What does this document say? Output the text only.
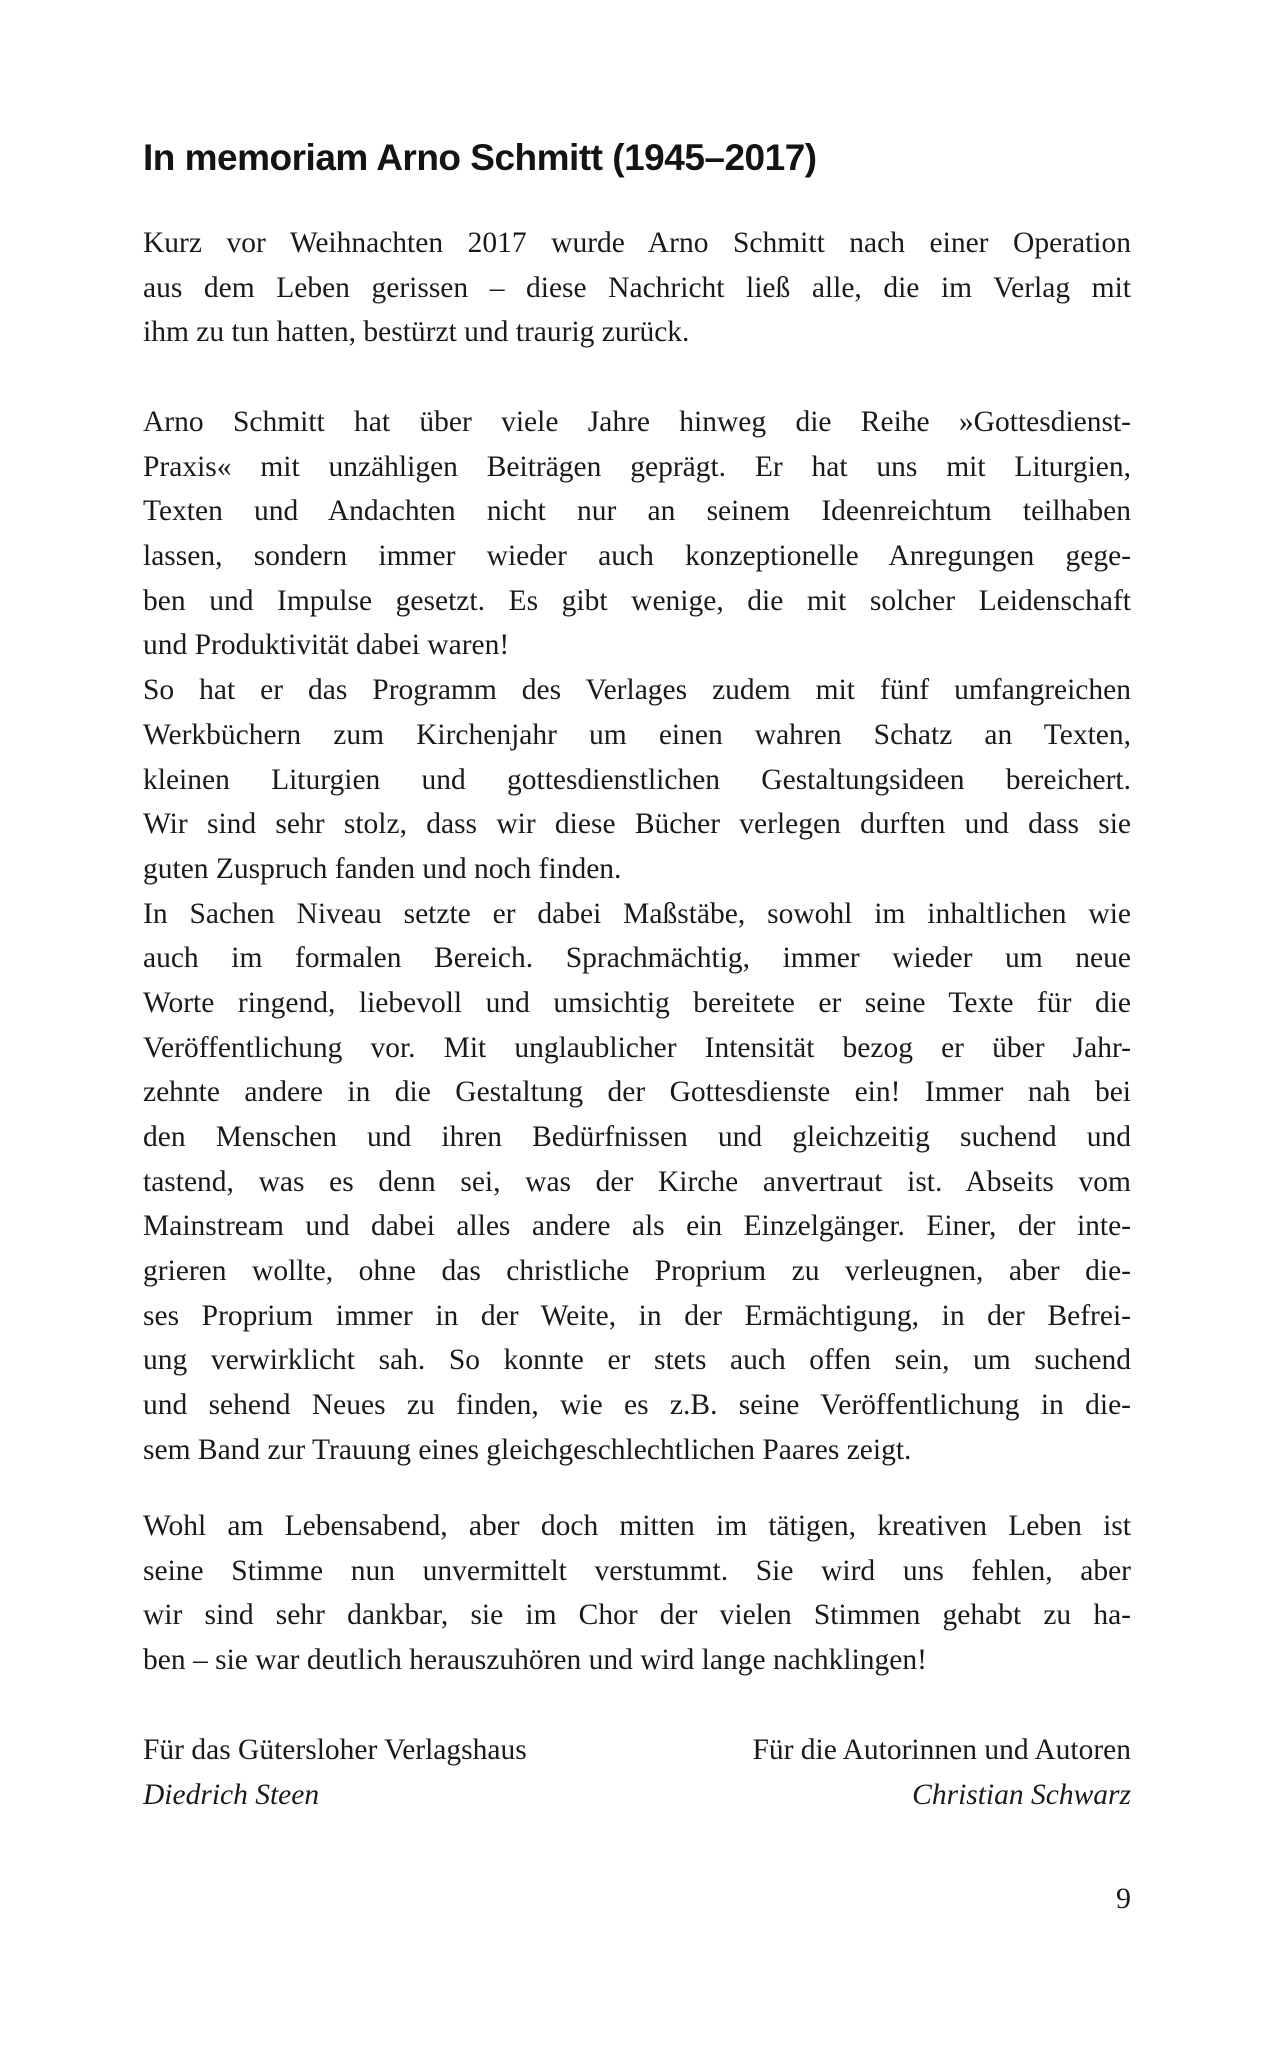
In memoriam Arno Schmitt (1945–2017)
Kurz vor Weihnachten 2017 wurde Arno Schmitt nach einer Operation
aus dem Leben gerissen – diese Nachricht ließ alle, die im Verlag mit
ihm zu tun hatten, bestürzt und traurig zurück.
Arno Schmitt hat über viele Jahre hinweg die Reihe »Gottesdienst-
Praxis« mit unzähligen Beiträgen geprägt. Er hat uns mit Liturgien,
Texten und Andachten nicht nur an seinem Ideenreichtum teilhaben
lassen, sondern immer wieder auch konzeptionelle Anregungen gege-
ben und Impulse gesetzt. Es gibt wenige, die mit solcher Leidenschaft
und Produktivität dabei waren!
So hat er das Programm des Verlages zudem mit fünf umfangreichen
Werkbüchern zum Kirchenjahr um einen wahren Schatz an Texten,
kleinen Liturgien und gottesdienstlichen Gestaltungsideen bereichert.
Wir sind sehr stolz, dass wir diese Bücher verlegen durften und dass sie
guten Zuspruch fanden und noch finden.
In Sachen Niveau setzte er dabei Maßstäbe, sowohl im inhaltlichen wie
auch im formalen Bereich. Sprachmächtig, immer wieder um neue
Worte ringend, liebevoll und umsichtig bereitete er seine Texte für die
Veröffentlichung vor. Mit unglaublicher Intensität bezog er über Jahr-
zehnte andere in die Gestaltung der Gottesdienste ein! Immer nah bei
den Menschen und ihren Bedürfnissen und gleichzeitig suchend und
tastend, was es denn sei, was der Kirche anvertraut ist. Abseits vom
Mainstream und dabei alles andere als ein Einzelgänger. Einer, der inte-
grieren wollte, ohne das christliche Proprium zu verleugnen, aber die-
ses Proprium immer in der Weite, in der Ermächtigung, in der Befrei-
ung verwirklicht sah. So konnte er stets auch offen sein, um suchend
und sehend Neues zu finden, wie es z.B. seine Veröffentlichung in die-
sem Band zur Trauung eines gleichgeschlechtlichen Paares zeigt.
Wohl am Lebensabend, aber doch mitten im tätigen, kreativen Leben ist
seine Stimme nun unvermittelt verstummt. Sie wird uns fehlen, aber
wir sind sehr dankbar, sie im Chor der vielen Stimmen gehabt zu ha-
ben – sie war deutlich herauszuhören und wird lange nachklingen!
Für das Gütersloher Verlagshaus
Diedrich Steen
Für die Autorinnen und Autoren
Christian Schwarz
9
